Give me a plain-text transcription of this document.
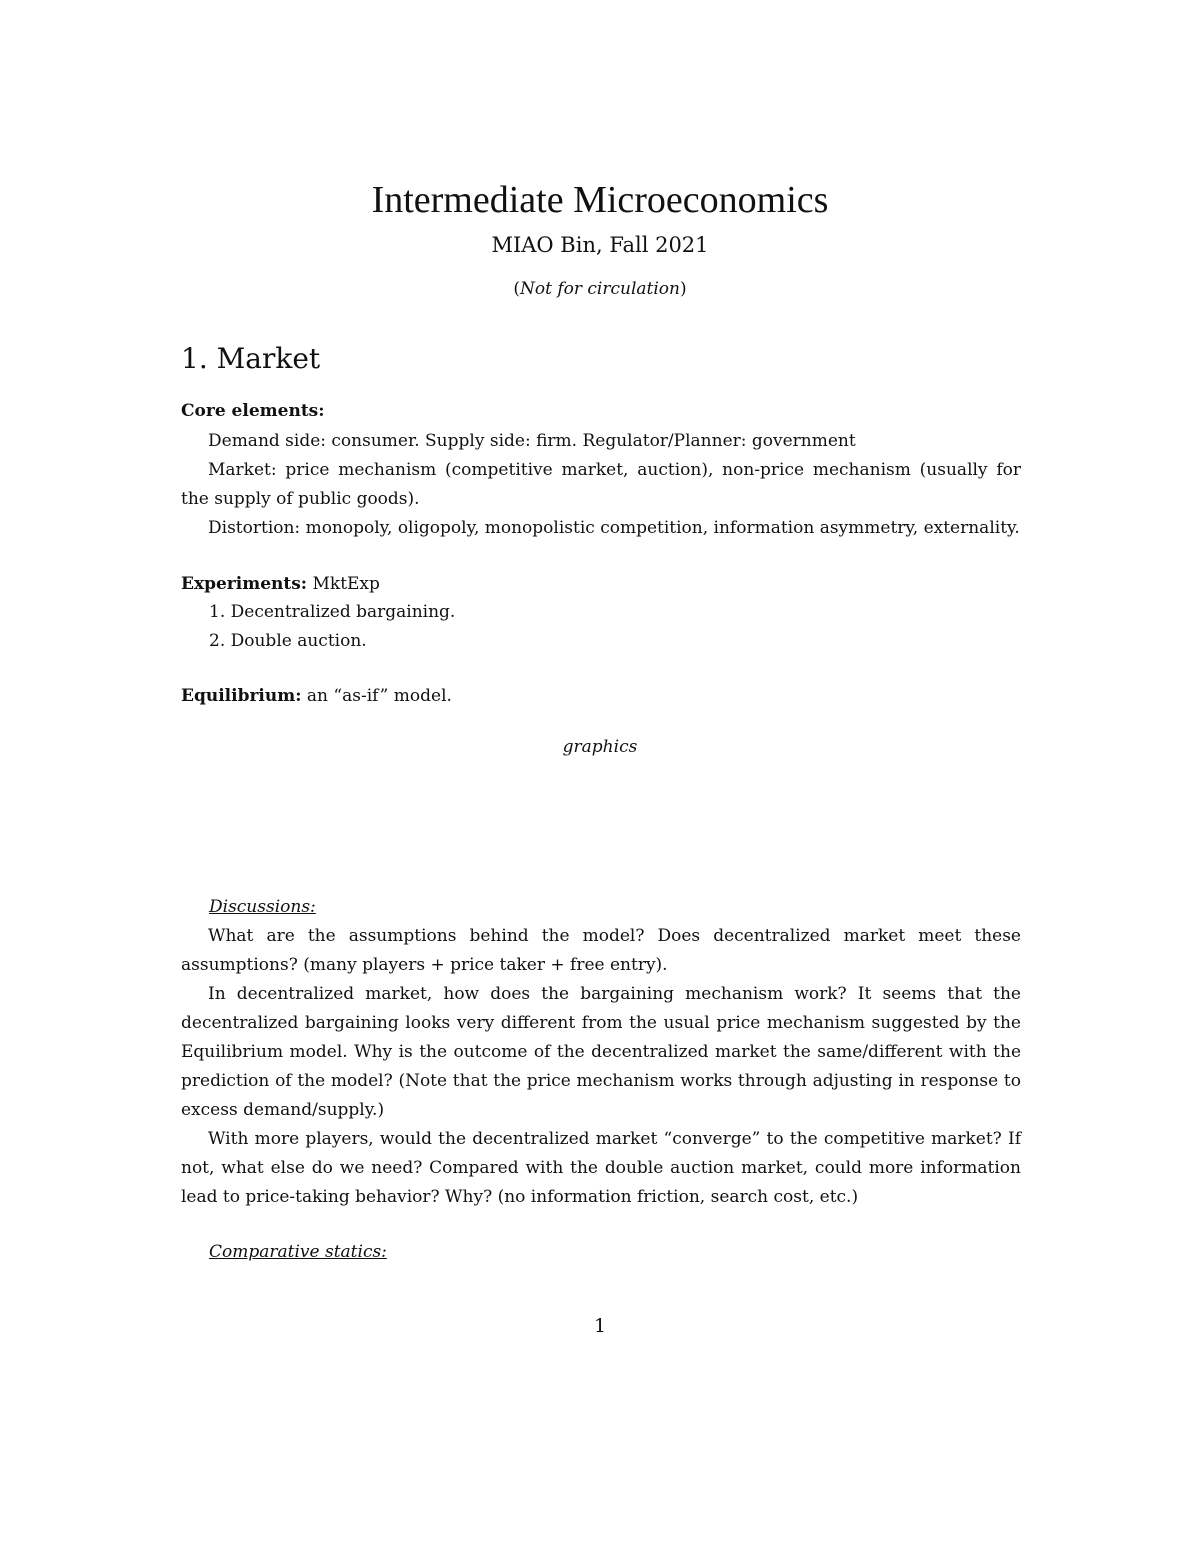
Intermediate Microeconomics
MIAO Bin, Fall 2021
(Not for circulation)
1. Market
Core elements:
Demand side: consumer. Supply side: firm. Regulator/Planner: government
Market: price mechanism (competitive market, auction), non-price mechanism (usually for the supply of public goods).
Distortion: monopoly, oligopoly, monopolistic competition, information asymmetry, externality.
Experiments: MktExp
1. Decentralized bargaining.
2. Double auction.
Equilibrium: an “as-if” model.
graphics
Discussions:
What are the assumptions behind the model? Does decentralized market meet these assumptions? (many players + price taker + free entry).
In decentralized market, how does the bargaining mechanism work? It seems that the decentralized bargaining looks very different from the usual price mechanism suggested by the Equilibrium model. Why is the outcome of the decentralized market the same/different with the prediction of the model? (Note that the price mechanism works through adjusting in response to excess demand/supply.)
With more players, would the decentralized market “converge” to the competitive market? If not, what else do we need? Compared with the double auction market, could more information lead to price-taking behavior? Why? (no information friction, search cost, etc.)
Comparative statics:
1
